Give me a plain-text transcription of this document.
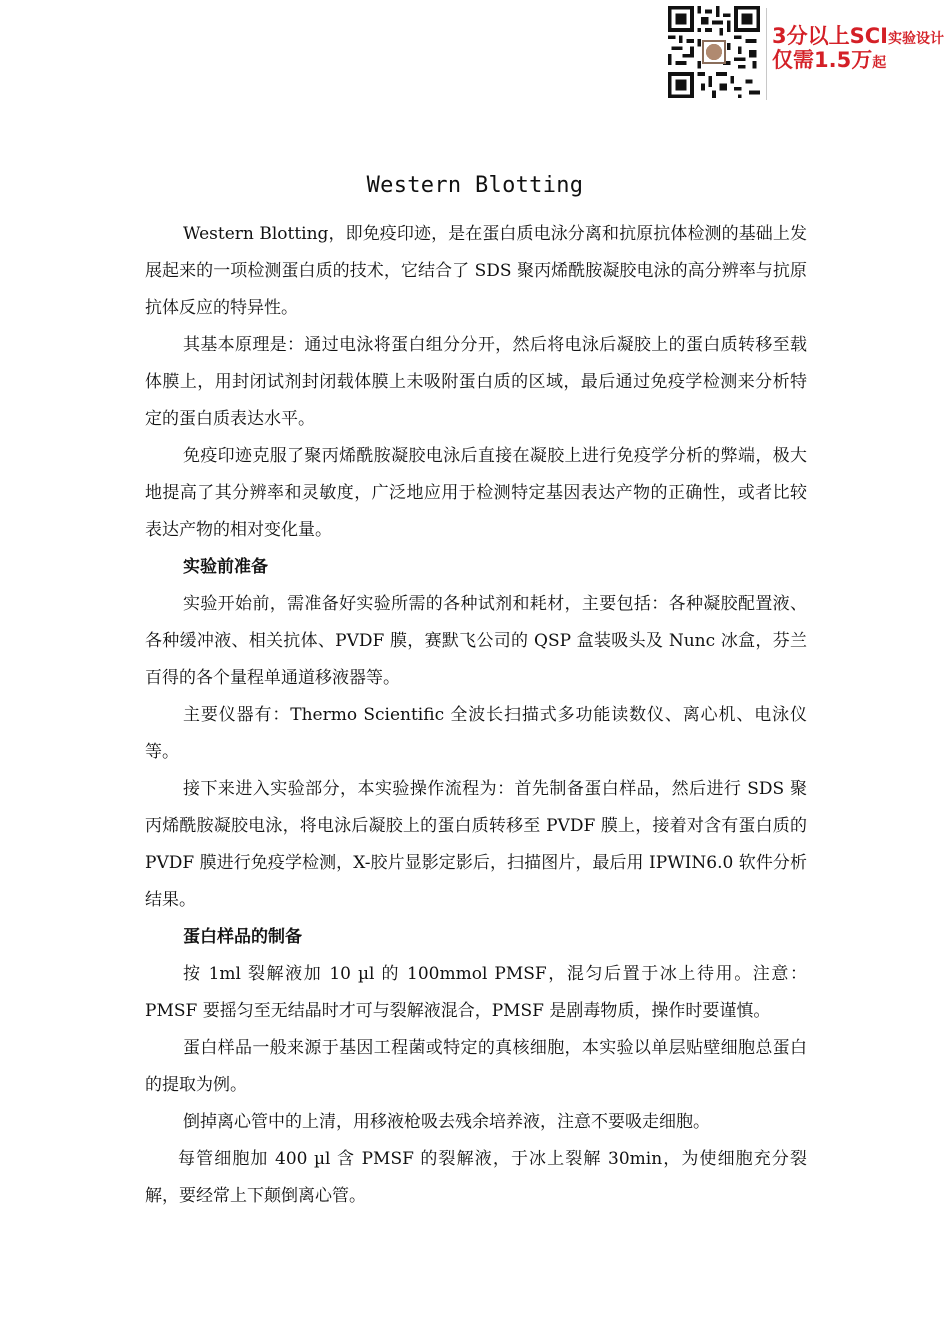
3分以上SCI实验设计
仅需1.5万起
Western Blotting

Western Blotting，即免疫印迹，是在蛋白质电泳分离和抗原抗体检测的基础上发展起来的一项检测蛋白质的技术，它结合了 SDS 聚丙烯酰胺凝胶电泳的高分辨率与抗原抗体反应的特异性。

其基本原理是：通过电泳将蛋白组分分开，然后将电泳后凝胶上的蛋白质转移至载体膜上，用封闭试剂封闭载体膜上未吸附蛋白质的区域，最后通过免疫学检测来分析特定的蛋白质表达水平。

免疫印迹克服了聚丙烯酰胺凝胶电泳后直接在凝胶上进行免疫学分析的弊端，极大地提高了其分辨率和灵敏度，广泛地应用于检测特定基因表达产物的正确性，或者比较表达产物的相对变化量。

实验前准备

实验开始前，需准备好实验所需的各种试剂和耗材，主要包括：各种凝胶配置液、各种缓冲液、相关抗体、PVDF 膜，赛默飞公司的 QSP 盒装吸头及 Nunc 冰盒，芬兰百得的各个量程单通道移液器等。

主要仪器有：Thermo Scientific 全波长扫描式多功能读数仪、离心机、电泳仪等。

接下来进入实验部分，本实验操作流程为：首先制备蛋白样品，然后进行 SDS 聚丙烯酰胺凝胶电泳，将电泳后凝胶上的蛋白质转移至 PVDF 膜上，接着对含有蛋白质的 PVDF 膜进行免疫学检测，X-胶片显影定影后，扫描图片，最后用 IPWIN6.0 软件分析结果。

蛋白样品的制备

按 1ml 裂解液加 10 µl 的 100mmol PMSF，混匀后置于冰上待用。注意：PMSF 要摇匀至无结晶时才可与裂解液混合，PMSF 是剧毒物质，操作时要谨慎。

蛋白样品一般来源于基因工程菌或特定的真核细胞，本实验以单层贴壁细胞总蛋白的提取为例。

倒掉离心管中的上清，用移液枪吸去残余培养液，注意不要吸走细胞。

每管细胞加 400 µl 含 PMSF 的裂解液，于冰上裂解 30min，为使细胞充分裂解，要经常上下颠倒离心管。
